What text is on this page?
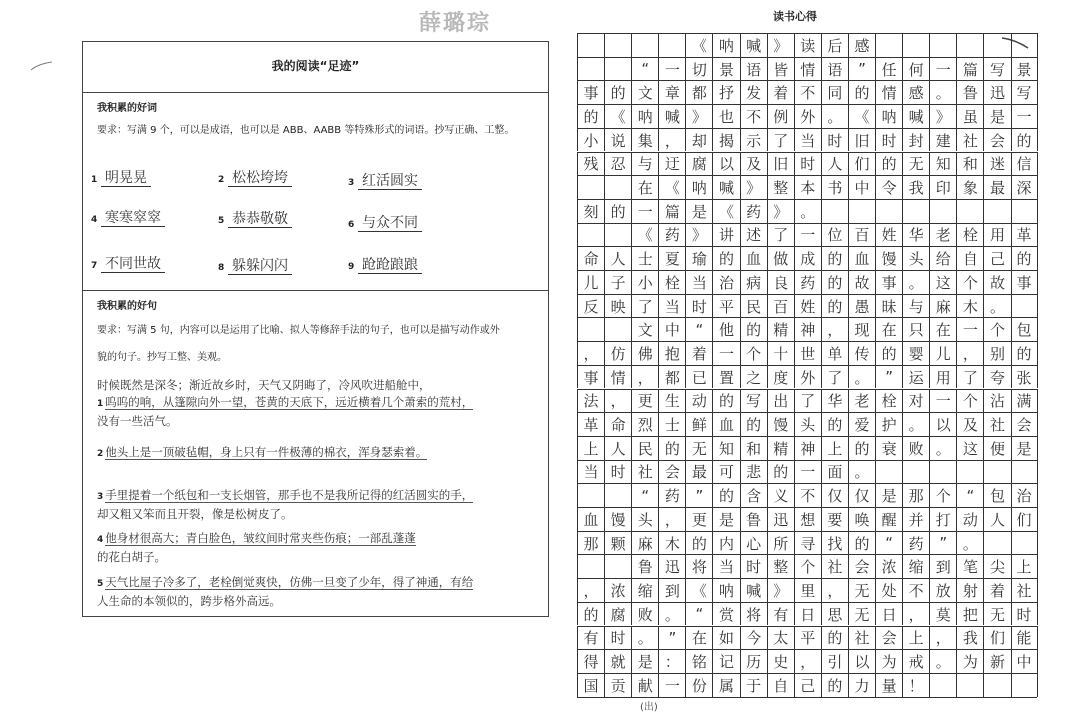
薛璐琮
我的阅读“足迹”
我积累的好词
要求：写满 9 个，可以是成语，也可以是 ABB、AABB 等特殊形式的词语。抄写正确、工整。
1 明晃晃	2 松松垮垮	3 红活圆实
4 寒寒窣窣	5 恭恭敬敬	6 与众不同
7 不同世故	8 躲躲闪闪	9 跄跄踉踉
我积累的好句
要求：写满 5 句，内容可以是运用了比喻、拟人等修辞手法的句子，也可以是描写动作或外
貌的句子。抄写工整、美观。
时候既然是深冬；渐近故乡时，天气又阴晦了，冷风吹进船舱中，
1 呜呜的响，从篷隙向外一望，苍黄的天底下，远近横着几个萧索的荒村，
没有一些活气。
2 他头上是一顶破毡帽，身上只有一件极薄的棉衣，浑身瑟索着。
3 手里提着一个纸包和一支长烟管，那手也不是我所记得的红活圆实的手，
却又粗又笨而且开裂，像是松树皮了。
4 他身材很高大；青白脸色，皱纹间时常夹些伤痕；一部乱蓬蓬
的花白胡子。
5 天气比屋子冷多了，老栓倒觉爽快，仿佛一旦变了少年，得了神通，有给
人生命的本领似的，跨步格外高远。
读书心得
《 呐 喊 》 读 后 感
“	一 切 景 语 皆 情 语	”	任 何 一 篇 写 景
事 的 文 章 都 抒 发 着 不 同 的 情 感 。 鲁 迅 写
的 《 呐 喊 》 也 不 例 外 。 《 呐 喊 》 虽 是 一
小 说 集 ， 却 揭 示 了 当 时 旧 时 封 建 社 会 的
残 忍 与 迂 腐 以 及 旧 时 人 们 的 无 知 和 迷 信
在 《 呐 喊 》 整 本 书 中 令 我 印 象 最 深
刻 的 一 篇 是 《 药 》 。
《 药 》 讲 述 了 一 位 百 姓 华 老 栓 用 革
命 人 士 夏 瑜 的 血 做 成 的 血 馒 头 给 自 己 的
儿 子 小 栓 当 治 病 良 药 的 故 事 。 这 个 故 事
反 映 了 当 时 平 民 百 姓 的 愚 昧 与 麻 木 。
文 中	“	他 的 精 神 ， 现 在 只 在 一 个 包
， 仿 佛 抱 着 一 个 十 世 单 传 的 婴 儿 ， 别 的
事 情 ， 都 已 置 之 度 外 了 。	”	运 用 了 夸 张
法 ， 更 生 动 的 写 出 了 华 老 栓 对 一 个 沾 满
革 命 烈 士 鲜 血 的 馒 头 的 爱 护 。 以 及 社 会
上 人 民 的 无 知 和 精 神 上 的 衰 败 。 这 便 是
当 时 社 会 最 可 悲 的 一 面 。
“	药	”	的 含 义 不 仅 仅 是 那 个	“	包 治
血 馒 头 ， 更 是 鲁 迅 想 要 唤 醒 并 打 动 人 们
那 颗 麻 木 的 内 心 所 寻 找 的	“	药	”	。
鲁 迅 将 当 时 整 个 社 会 浓 缩 到 笔 尖 上
， 浓 缩 到 《 呐 喊 》 里 ， 无 处 不 放 射 着 社
的 腐 败 。	“	赏 将 有 日 思 无 日 ， 莫 把 无 时
有 时 。	”	在 如 今 太 平 的 社 会 上 ， 我 们 能
得 就 是 ： 铭 记 历 史 ， 引 以 为 戒 。 为 新 中
国 贡 献 一 份 属 于 自 己 的 力 量 ！
(出)
